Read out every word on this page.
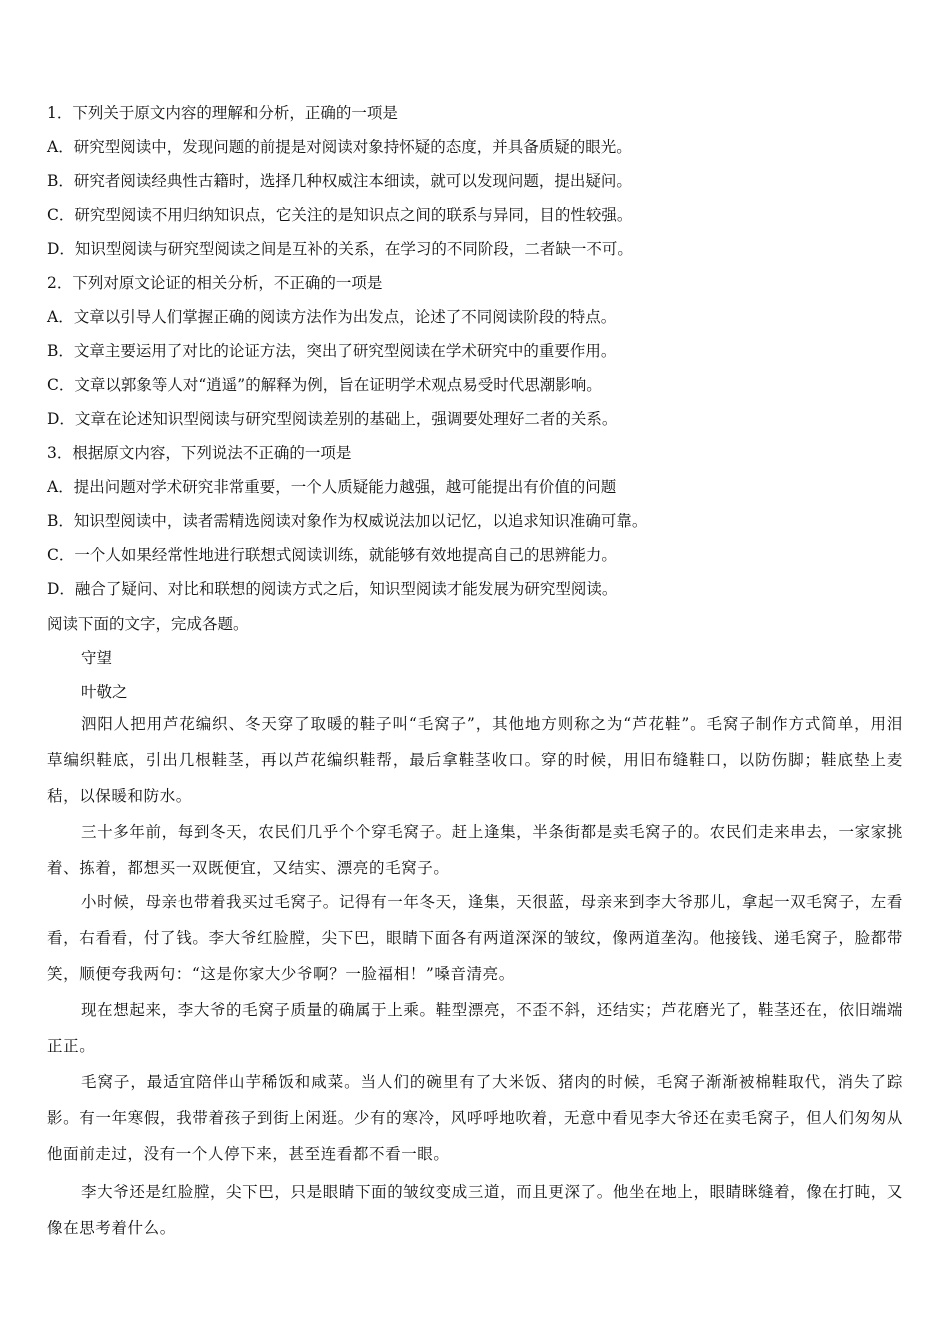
1．下列关于原文内容的理解和分析，正确的一项是

A．研究型阅读中，发现问题的前提是对阅读对象持怀疑的态度，并具备质疑的眼光。

B．研究者阅读经典性古籍时，选择几种权威注本细读，就可以发现问题，提出疑问。

C．研究型阅读不用归纳知识点，它关注的是知识点之间的联系与异同，目的性较强。

D．知识型阅读与研究型阅读之间是互补的关系，在学习的不同阶段，二者缺一不可。

2．下列对原文论证的相关分析，不正确的一项是

A．文章以引导人们掌握正确的阅读方法作为出发点，论述了不同阅读阶段的特点。

B．文章主要运用了对比的论证方法，突出了研究型阅读在学术研究中的重要作用。

C．文章以郭象等人对“逍遥”的解释为例，旨在证明学术观点易受时代思潮影响。

D．文章在论述知识型阅读与研究型阅读差别的基础上，强调要处理好二者的关系。

3．根据原文内容，下列说法不正确的一项是

A．提出问题对学术研究非常重要，一个人质疑能力越强，越可能提出有价值的问题

B．知识型阅读中，读者需精选阅读对象作为权威说法加以记忆，以追求知识准确可靠。

C．一个人如果经常性地进行联想式阅读训练，就能够有效地提高自己的思辨能力。

D．融合了疑问、对比和联想的阅读方式之后，知识型阅读才能发展为研究型阅读。

阅读下面的文字，完成各题。

守望

叶敬之

泗阳人把用芦花编织、冬天穿了取暖的鞋子叫“毛窝子”，其他地方则称之为“芦花鞋”。毛窝子制作方式简单，用泪草编织鞋底，引出几根鞋茎，再以芦花编织鞋帮，最后拿鞋茎收口。穿的时候，用旧布缝鞋口，以防伤脚；鞋底垫上麦秸，以保暖和防水。

三十多年前，每到冬天，农民们几乎个个穿毛窝子。赶上逢集，半条街都是卖毛窝子的。农民们走来串去，一家家挑着、拣着，都想买一双既便宜，又结实、漂亮的毛窝子。

小时候，母亲也带着我买过毛窝子。记得有一年冬天，逢集，天很蓝，母亲来到李大爷那儿，拿起一双毛窝子，左看看，右看看，付了钱。李大爷红脸膛，尖下巴，眼睛下面各有两道深深的皱纹，像两道垄沟。他接钱、递毛窝子，脸都带笑，顺便夸我两句：“这是你家大少爷啊？一脸福相！”嗓音清亮。

现在想起来，李大爷的毛窝子质量的确属于上乘。鞋型漂亮，不歪不斜，还结实；芦花磨光了，鞋茎还在，依旧端端正正。

毛窝子，最适宜陪伴山芋稀饭和咸菜。当人们的碗里有了大米饭、猪肉的时候，毛窝子渐渐被棉鞋取代，消失了踪影。有一年寒假，我带着孩子到街上闲逛。少有的寒冷，风呼呼地吹着，无意中看见李大爷还在卖毛窝子，但人们匆匆从他面前走过，没有一个人停下来，甚至连看都不看一眼。

李大爷还是红脸膛，尖下巴，只是眼睛下面的皱纹变成三道，而且更深了。他坐在地上，眼睛眯缝着，像在打盹，又像在思考着什么。
